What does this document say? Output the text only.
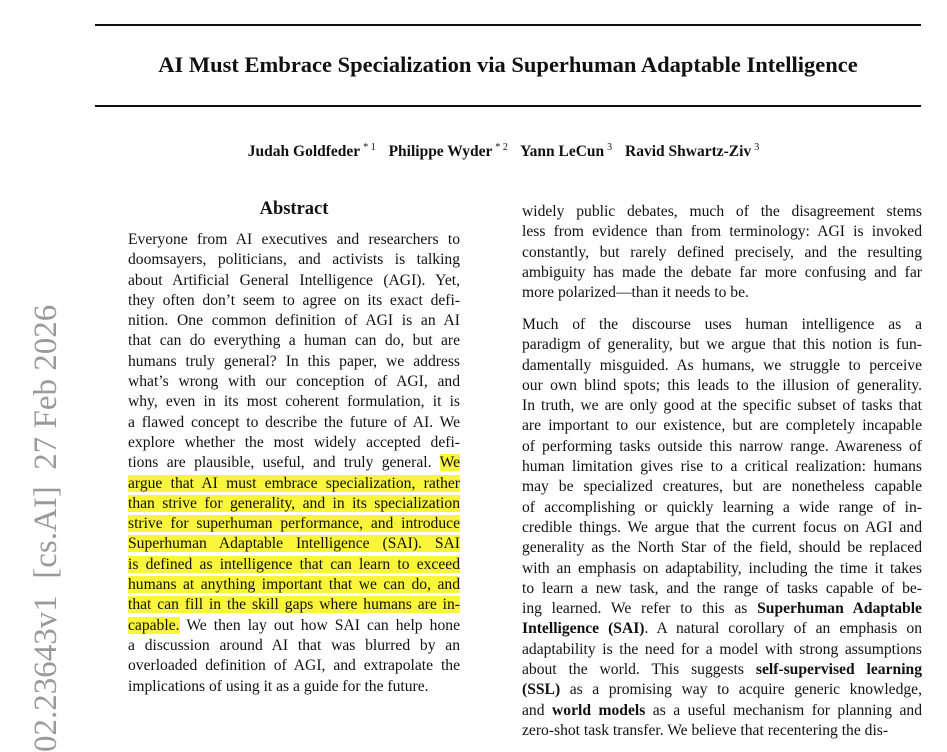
02.23643v1  [cs.AI]  27 Feb 2026
AI Must Embrace Specialization via Superhuman Adaptable Intelligence
Judah Goldfeder $^{* 1}$ Philippe Wyder $^{* 2}$ Yann LeCun $^3$ Ravid Shwartz-Ziv $^3$
Abstract
Everyone from AI executives and researchers to
doomsayers, politicians, and activists is talking
about Artificial General Intelligence (AGI). Yet,
they often don’t seem to agree on its exact defi-
nition. One common definition of AGI is an AI
that can do everything a human can do, but are
humans truly general? In this paper, we address
what’s wrong with our conception of AGI, and
why, even in its most coherent formulation, it is
a flawed concept to describe the future of AI. We
explore whether the most widely accepted defi-
tions are plausible, useful, and truly general. We
argue that AI must embrace specialization, rather
than strive for generality, and in its specialization
strive for superhuman performance, and introduce
Superhuman Adaptable Intelligence (SAI). SAI
is defined as intelligence that can learn to exceed
humans at anything important that we can do, and
that can fill in the skill gaps where humans are in-
capable. We then lay out how SAI can help hone
a discussion around AI that was blurred by an
overloaded definition of AGI, and extrapolate the
implications of using it as a guide for the future.
widely public debates, much of the disagreement stems
less from evidence than from terminology: AGI is invoked
constantly, but rarely defined precisely, and the resulting
ambiguity has made the debate far more confusing and far
more polarized—than it needs to be.
Much of the discourse uses human intelligence as a
paradigm of generality, but we argue that this notion is fun-
damentally misguided. As humans, we struggle to perceive
our own blind spots; this leads to the illusion of generality.
In truth, we are only good at the specific subset of tasks that
are important to our existence, but are completely incapable
of performing tasks outside this narrow range. Awareness of
human limitation gives rise to a critical realization: humans
may be specialized creatures, but are nonetheless capable
of accomplishing or quickly learning a wide range of in-
credible things. We argue that the current focus on AGI and
generality as the North Star of the field, should be replaced
with an emphasis on adaptability, including the time it takes
to learn a new task, and the range of tasks capable of be-
ing learned. We refer to this as Superhuman Adaptable
Intelligence (SAI). A natural corollary of an emphasis on
adaptability is the need for a model with strong assumptions
about the world. This suggests self-supervised learning
(SSL) as a promising way to acquire generic knowledge,
and world models as a useful mechanism for planning and
zero-shot task transfer. We believe that recentering the dis-
